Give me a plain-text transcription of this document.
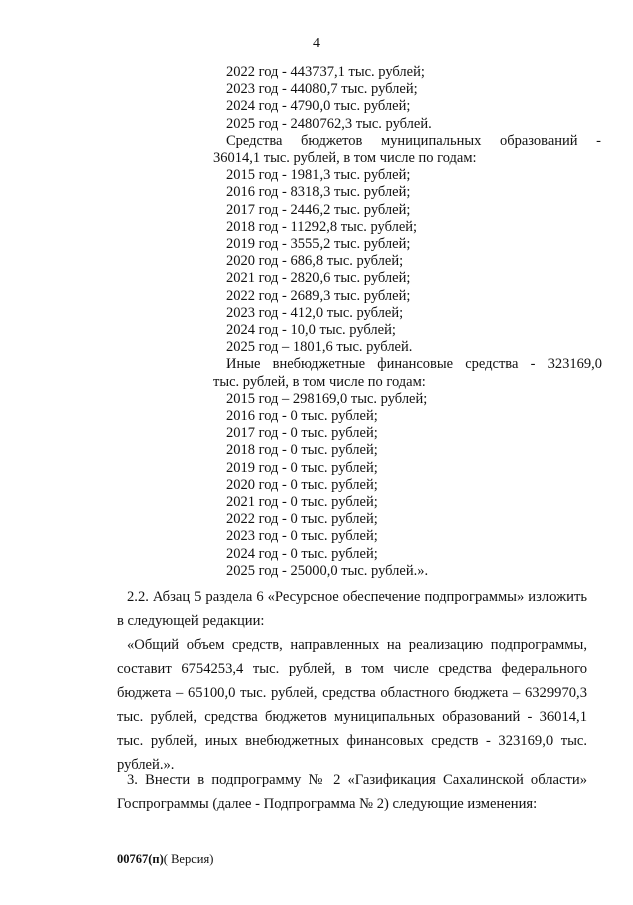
4
2022 год - 443737,1 тыс. рублей;
2023 год - 44080,7 тыс. рублей;
2024 год - 4790,0 тыс. рублей;
2025 год - 2480762,3 тыс. рублей.
Средства бюджетов муниципальных образований -
36014,1 тыс. рублей, в том числе по годам:
2015 год - 1981,3 тыс. рублей;
2016 год - 8318,3 тыс. рублей;
2017 год - 2446,2 тыс. рублей;
2018 год - 11292,8 тыс. рублей;
2019 год - 3555,2 тыс. рублей;
2020 год - 686,8 тыс. рублей;
2021 год - 2820,6 тыс. рублей;
2022 год - 2689,3 тыс. рублей;
2023 год - 412,0 тыс. рублей;
2024 год - 10,0 тыс. рублей;
2025 год – 1801,6 тыс. рублей.
Иные внебюджетные финансовые средства - 323169,0
тыс. рублей, в том числе по годам:
2015 год – 298169,0 тыс. рублей;
2016 год - 0 тыс. рублей;
2017 год - 0 тыс. рублей;
2018 год - 0 тыс. рублей;
2019 год - 0 тыс. рублей;
2020 год - 0 тыс. рублей;
2021 год - 0 тыс. рублей;
2022 год - 0 тыс. рублей;
2023 год - 0 тыс. рублей;
2024 год - 0 тыс. рублей;
2025 год - 25000,0 тыс. рублей.».
2.2. Абзац 5 раздела 6 «Ресурсное обеспечение подпрограммы» изложить в следующей редакции:
«Общий объем средств, направленных на реализацию подпрограммы, составит 6754253,4 тыс. рублей, в том числе средства федерального бюджета – 65100,0 тыс. рублей, средства областного бюджета – 6329970,3 тыс. рублей, средства бюджетов муниципальных образований - 36014,1 тыс. рублей, иных внебюджетных финансовых средств - 323169,0 тыс. рублей.».
3. Внести в подпрограмму № 2 «Газификация Сахалинской области» Госпрограммы (далее - Подпрограмма № 2) следующие изменения:
00767(п)( Версия)
